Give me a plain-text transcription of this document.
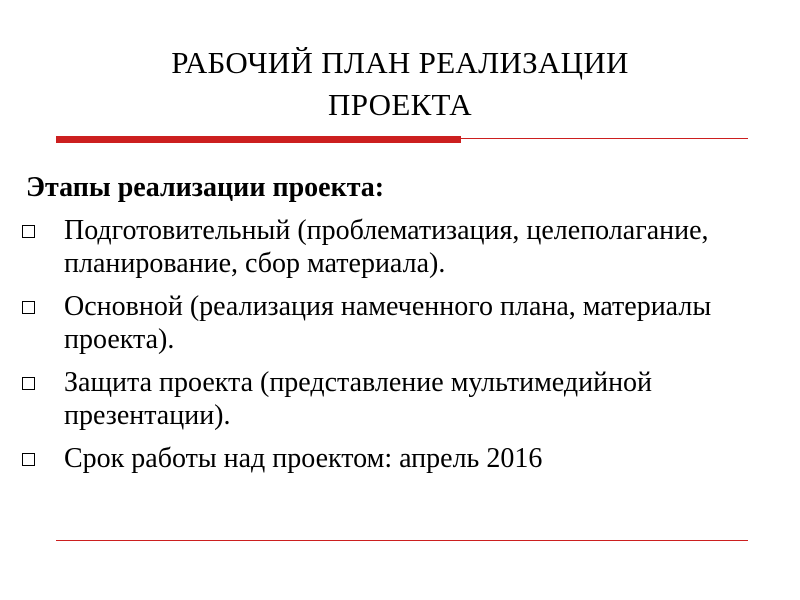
РАБОЧИЙ ПЛАН РЕАЛИЗАЦИИ
ПРОЕКТА
Этапы реализации проекта:
Подготовительный (проблематизация, целеполагание, планирование, сбор материала).
Основной (реализация намеченного плана, материалы проекта).
Защита проекта (представление мультимедийной презентации).
Срок работы над проектом: апрель 2016
